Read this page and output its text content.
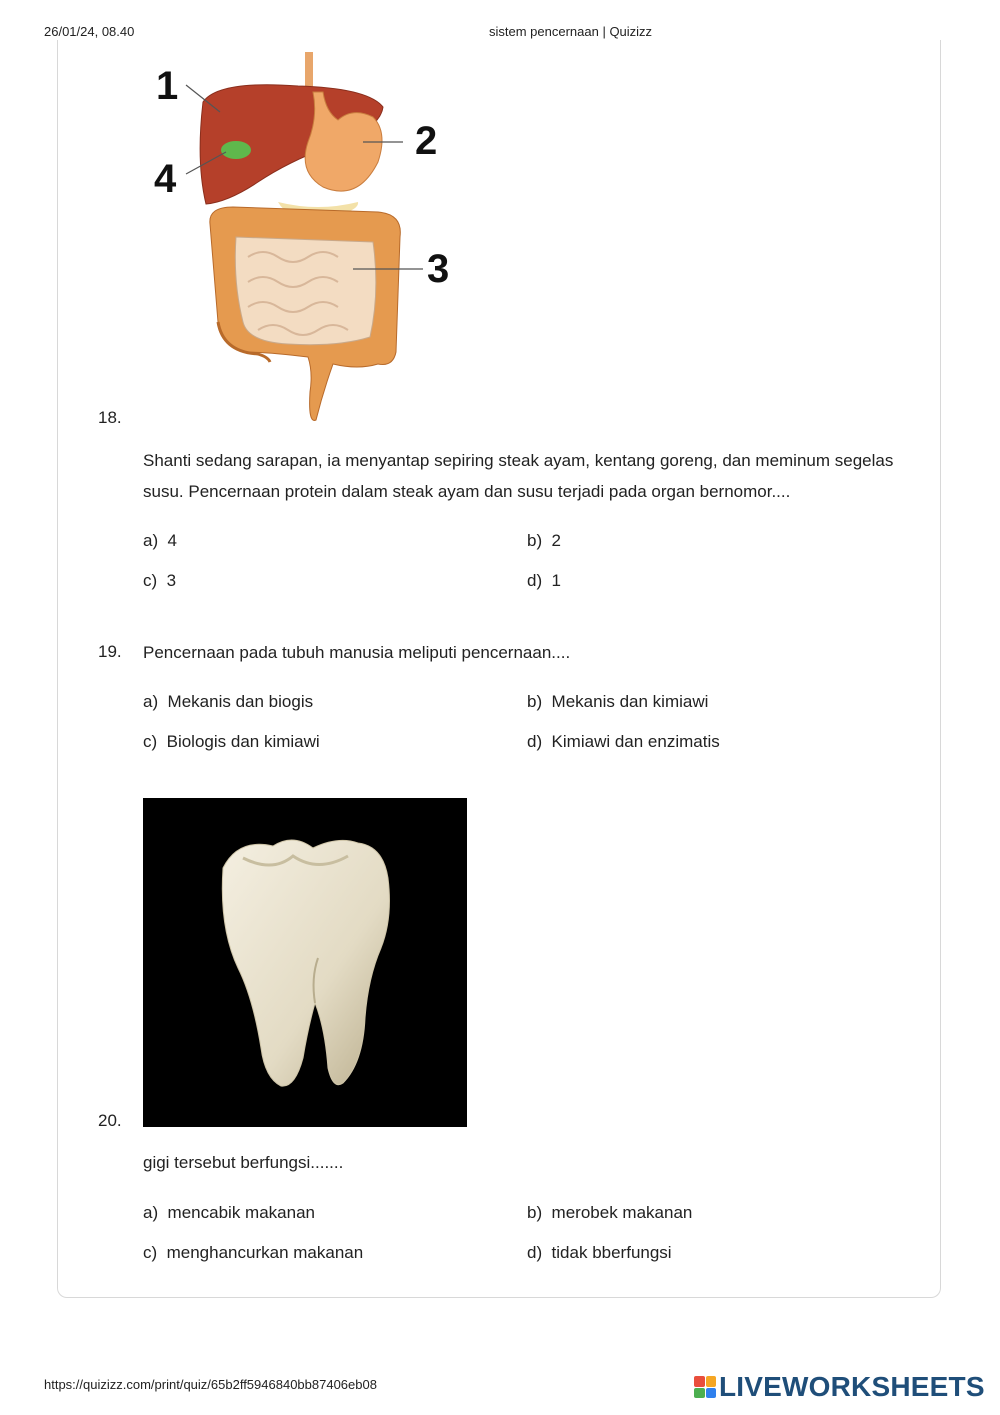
26/01/24, 08.40	sistem pencernaan | Quizizz
1
2
3
4
18.
Shanti sedang sarapan, ia menyantap sepiring steak ayam, kentang goreng, dan meminum segelas susu. Pencernaan protein dalam steak ayam dan susu terjadi pada organ bernomor....
a)  4	b)  2
c)  3	d)  1
19. Pencernaan pada tubuh manusia meliputi pencernaan....
a)  Mekanis dan biogis	b)  Mekanis dan kimiawi
c)  Biologis dan kimiawi	d)  Kimiawi dan enzimatis
20.
gigi tersebut berfungsi.......
a)  mencabik makanan	b)  merobek makanan
c)  menghancurkan makanan	d)  tidak bberfungsi
https://quizizz.com/print/quiz/65b2ff5946840bb87406eb08	LIVEWORKSHEETS
